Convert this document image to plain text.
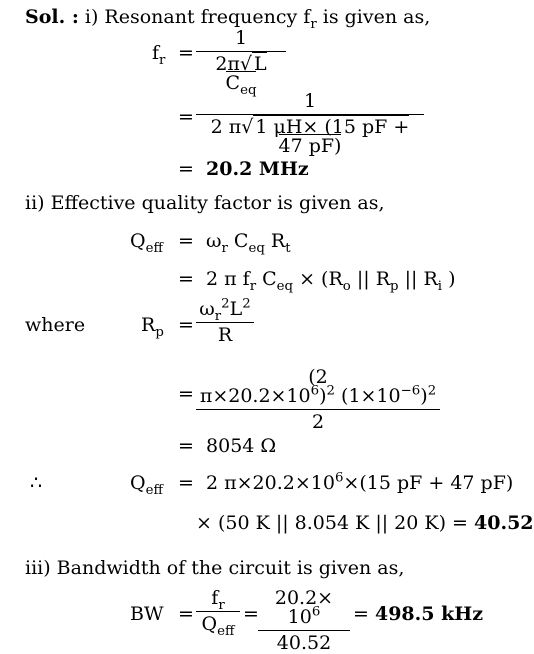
Sol. : i) Resonant frequency $f_r$ is given as,
$f_r$ =
1
2π√ L $C_{eq}$
= $\frac{1}{2 \pi√ 1 \mu H\times (15 pF + 47 pF)}$
= 20.2 MHz
ii) Effective quality factor is given as,
$Q_{eff} = \omega_r$ $C_{eq}$ $R_t$
= 2 π $f_r$ $C_{eq} \times (R_o$ || $R_p$ || $R_i$ )
where	$R_p = \frac{\omega_r^2L^2}{R}$
= $\frac{(2 \pi\times 20.2\times 10^6)^2 (1\times 10^{-6})^2}{2}$
= 8054 Ω
∴	$Q_{eff} = 2$ $\pi\times 20.2\times 10^6\times(15$ pF + 47 pF)
× (50 K || 8.054 K || 20 K) = 40.52
iii) Bandwidth of the circuit is given as,
BW =
$f_r$
$Q_{eff}$
= $\frac{20.2\times 10^6}{40.52} = 498.5$ kHz
